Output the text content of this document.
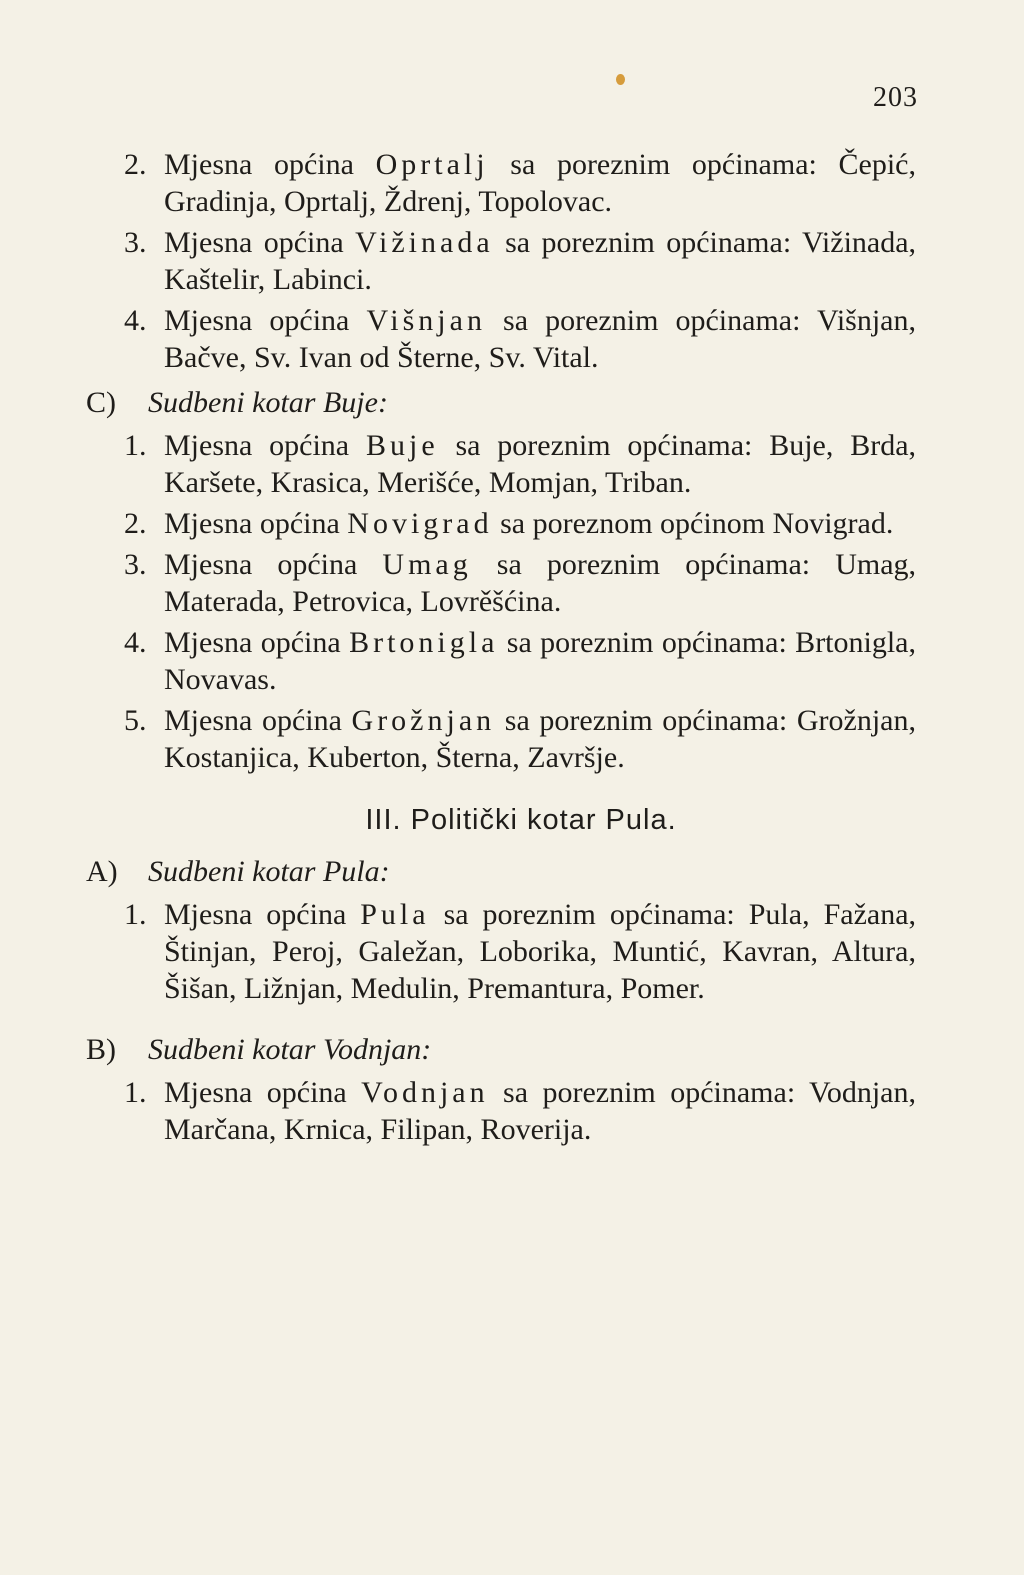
203

2. Mjesna općina Oprtalj sa poreznim općinama: Čepić, Gradinja, Oprtalj, Ždrenj, Topolovac.

3. Mjesna općina Vižinada sa poreznim općinama: Vižinada, Kaštelir, Labinci.

4. Mjesna općina Višnjan sa poreznim općinama: Višnjan, Bačve, Sv. Ivan od Šterne, Sv. Vital.

C) Sudbeni kotar Buje:

1. Mjesna općina Buje sa poreznim općinama: Buje, Brda, Karšete, Krasica, Merišće, Momjan, Triban.

2. Mjesna općina Novigrad sa poreznom općinom Novigrad.

3. Mjesna općina Umag sa poreznim općinama: Umag, Materada, Petrovica, Lovrěšćina.

4. Mjesna općina Brtonigla sa poreznim općinama: Brtonigla, Novavas.

5. Mjesna općina Grožnjan sa poreznim općinama: Grožnjan, Kostanjica, Kuberton, Šterna, Završje.

III. Politički kotar Pula.
A) Sudbeni kotar Pula:

1. Mjesna općina Pula sa poreznim općinama: Pula, Fažana, Štinjan, Peroj, Galežan, Loborika, Muntić, Kavran, Altura, Šišan, Ližnjan, Medulin, Premantura, Pomer.

B) Sudbeni kotar Vodnjan:

1. Mjesna općina Vodnjan sa poreznim općinama: Vodnjan, Marčana, Krnica, Filipan, Roverija.
